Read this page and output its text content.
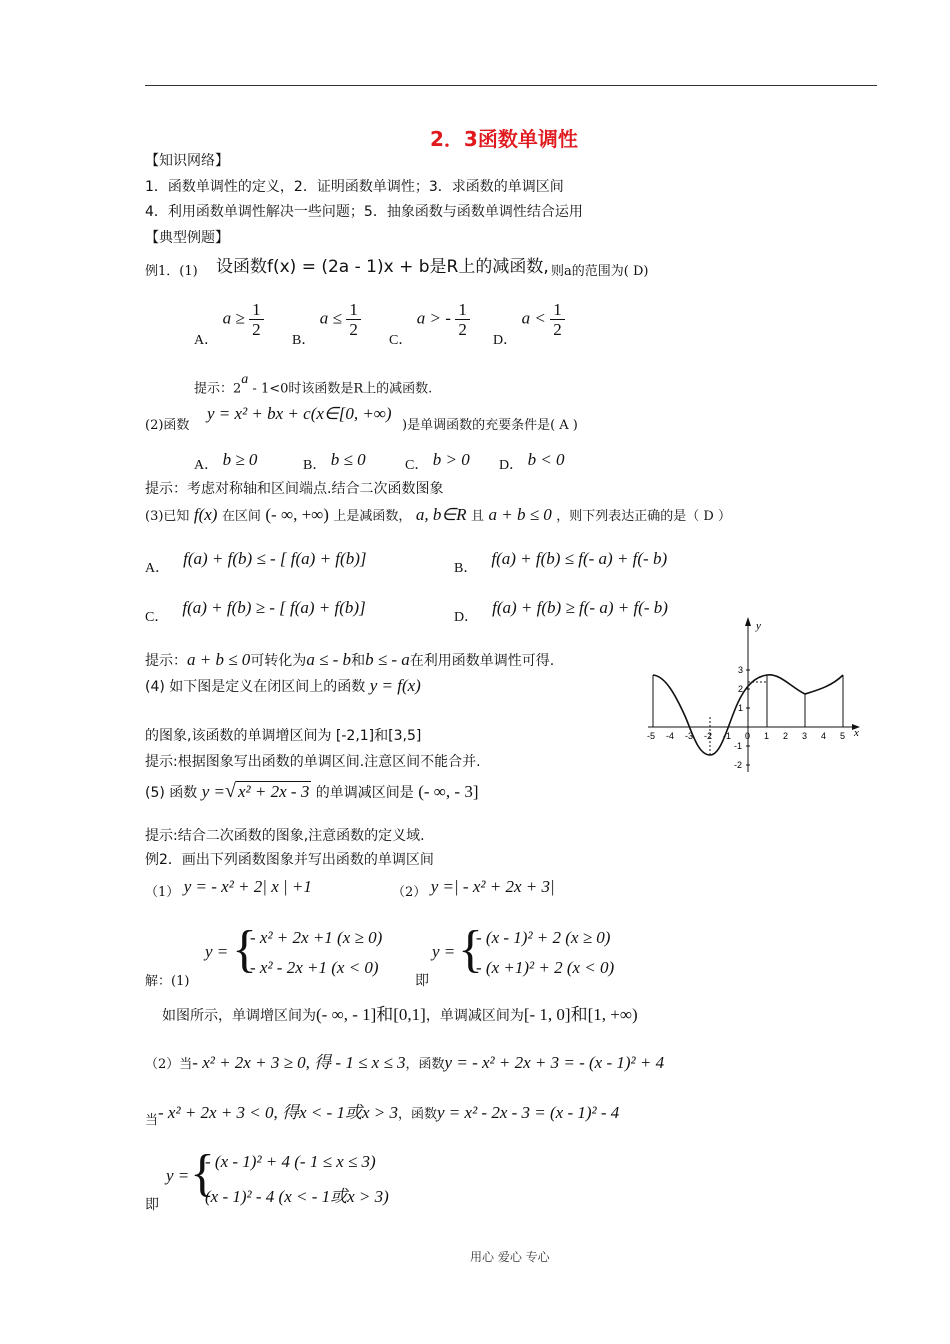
2．3函数单调性
【知识网络】
1．函数单调性的定义，2．证明函数单调性；3．求函数的单调区间
4．利用函数单调性解决一些问题；5．抽象函数与函数单调性结合运用
【典型例题】
例1．(1) 设函数f(x) = (2a - 1)x + b是R上的减函数, 则a的范围为( D)
A． $a \ge \frac{1}{2}$
B． $a \le \frac{1}{2}$
C． a > - $\frac{1}{2}$
D． $a < \frac{1}{2}$
提示：2$^a$ - 1<0时该函数是R上的减函数.
(2)函数
y = x² + bx + c(x∈[0, +∞)
)是单调函数的充要条件是( A )
A． b ≥ 0	B． b ≤ 0	C． b > 0 D． b < 0
提示：考虑对称轴和区间端点.结合二次函数图象
(3)已知 f(x) 在区间 (- ∞, +∞) 上是减函数， a, b∈R 且 a + b ≤ 0 ，则下列表达正确的是（ D ）
A．f(a) + f(b) ≤ - [ f(a) + f(b)]
B．f(a) + f(b) ≤ f(- a) + f(- b)
C．f(a) + f(b) ≥ - [ f(a) + f(b)]
D．f(a) + f(b) ≥ f(- a) + f(- b)
提示：a + b ≤ 0可转化为a ≤ - b和b ≤ - a在利用函数单调性可得.
(4) 如下图是定义在闭区间上的函数 y = f(x)
的图象,该函数的单调增区间为 [-2,1]和[3,5]
提示:根据图象写出函数的单调区间.注意区间不能合并.
y
x
-5 -4 -3 -2 -1 0 1 2 3 4 5
3
2
1
-1
-2
(5) 函数 y =√ x² + 2x - 3 的单调减区间是 (- ∞, - 3]
提示:结合二次函数的图象,注意函数的定义域.
例2．画出下列函数图象并写出函数的单调区间
（1） y = - x² + 2| x | +1	（2） y =| - x² + 2x + 3|
解：(1)
y = {
- x² + 2x +1 (x ≥ 0)
- x² - 2x +1 (x < 0)
即
y = {
- (x - 1)² + 2 (x ≥ 0)
- (x +1)² + 2 (x < 0)
如图所示，单调增区间为(- ∞, - 1]和[0,1]，单调减区间为[- 1, 0]和[1, +∞)
（2）当- x² + 2x + 3 ≥ 0, 得 - 1 ≤ x ≤ 3，函数y = - x² + 2x + 3 = - (x - 1)² + 4
当- x² + 2x + 3 < 0, 得x < - 1或x > 3，函数y = x² - 2x - 3 = (x - 1)² - 4
y = {
- (x - 1)² + 4 (- 1 ≤ x ≤ 3)
(x - 1)² - 4 (x < - 1或x > 3)
即
用心 爱心 专心
